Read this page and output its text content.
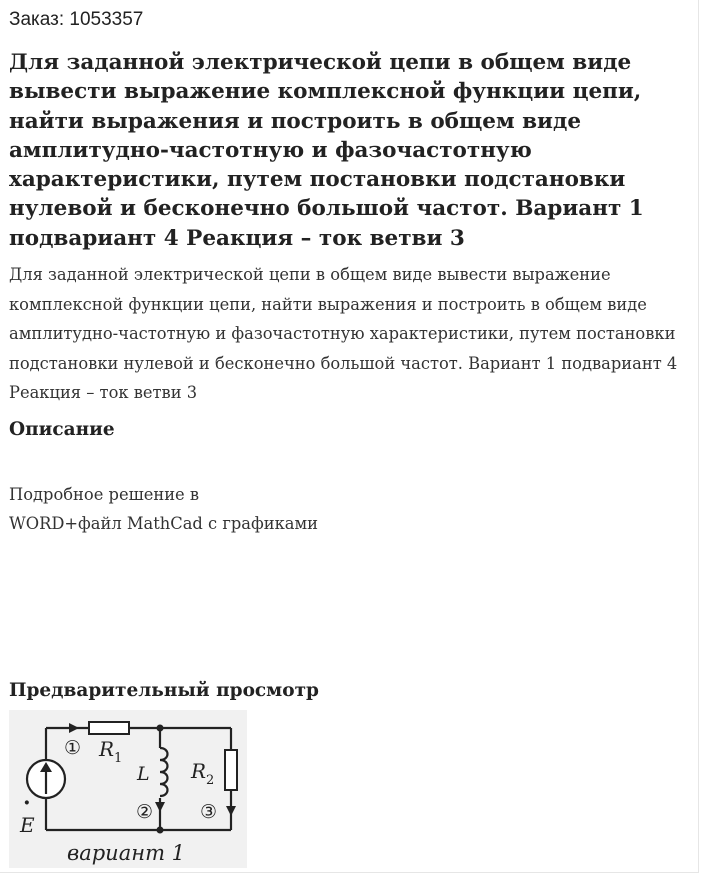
Заказ: 1053357
Для заданной электрической цепи в общем виде вывести выражение комплексной функции цепи, найти выражения и построить в общем виде амплитудно-частотную и фазочастотную характеристики, путем постановки подстановки нулевой и бесконечно большой частот. Вариант 1 подвариант 4 Реакция – ток ветви 3

Для заданной электрической цепи в общем виде вывести выражение комплексной функции цепи, найти выражения и построить в общем виде амплитудно-частотную и фазочастотную характеристики, путем постановки подстановки нулевой и бесконечно большой частот. Вариант 1 подвариант 4 Реакция – ток ветви 3

Описание

Подробное решение в
WORD+файл MathCad с графиками

Предварительный просмотр
① R 1
L
②
R 2
③
·
E
вариант 1
